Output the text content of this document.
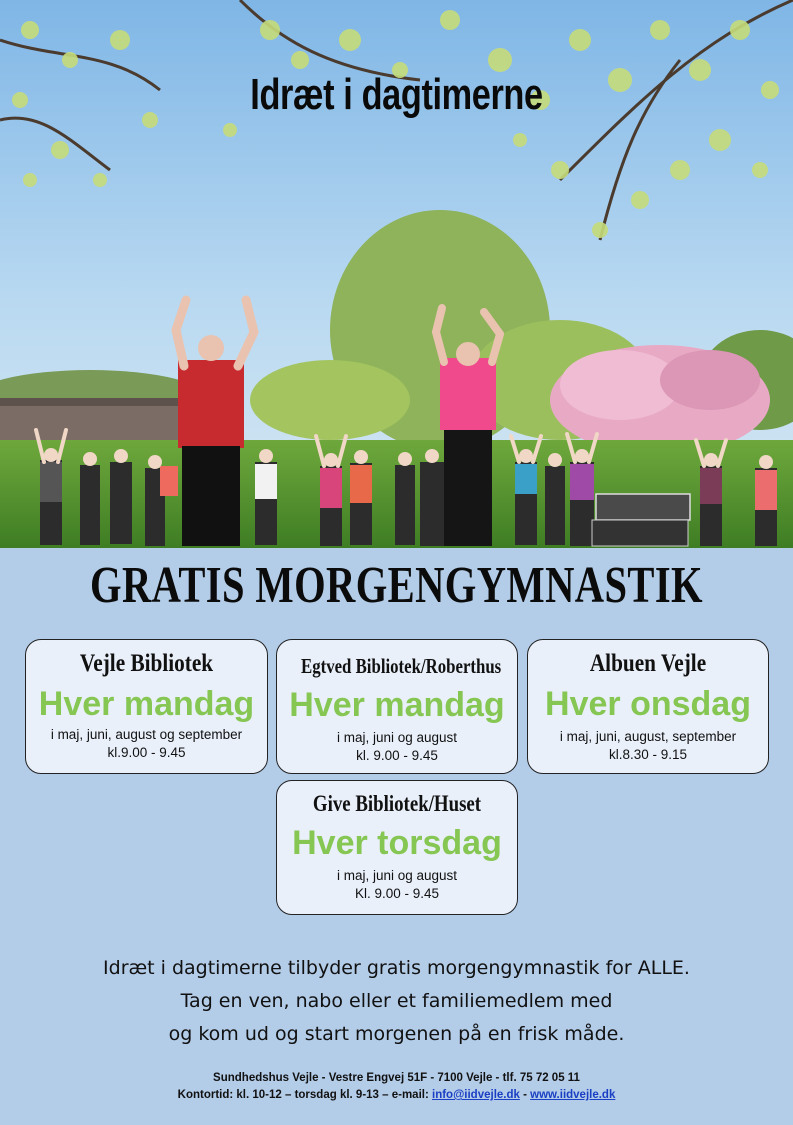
Idræt i dagtimerne
GRATIS MORGENGYMNASTIK
Vejle Bibliotek
Hver mandag
i maj, juni, august og september
kl.9.00 - 9.45
Egtved Bibliotek/Roberthus
Hver mandag
i maj, juni og august
kl. 9.00 - 9.45
Albuen Vejle
Hver onsdag
i maj, juni, august, september
kl.8.30 - 9.15
Give Bibliotek/Huset
Hver torsdag
i maj, juni og august
Kl. 9.00 - 9.45
Idræt i dagtimerne tilbyder gratis morgengymnastik for ALLE.
Tag en ven, nabo eller et familiemedlem med
og kom ud og start morgenen på en frisk måde.
Sundhedshus Vejle - Vestre Engvej 51F - 7100 Vejle - tlf. 75 72 05 11
Kontortid: kl. 10-12 – torsdag kl. 9-13 – e-mail: info@iidvejle.dk - www.iidvejle.dk
